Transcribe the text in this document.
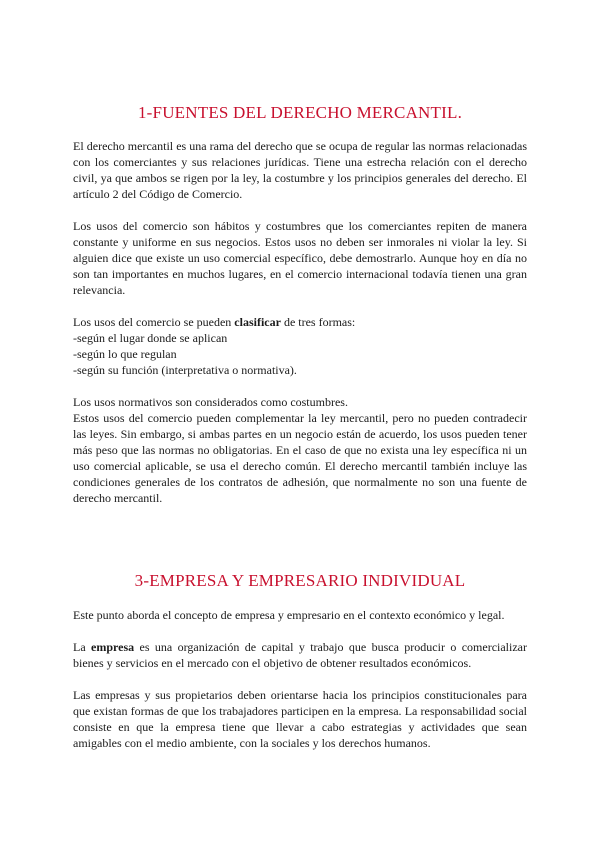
1-FUENTES DEL DERECHO MERCANTIL.

El derecho mercantil es una rama del derecho que se ocupa de regular las normas relacionadas con los comerciantes y sus relaciones jurídicas. Tiene una estrecha relación con el derecho civil, ya que ambos se rigen por la ley, la costumbre y los principios generales del derecho. El artículo 2 del Código de Comercio.

Los usos del comercio son hábitos y costumbres que los comerciantes repiten de manera constante y uniforme en sus negocios. Estos usos no deben ser inmorales ni violar la ley. Si alguien dice que existe un uso comercial específico, debe demostrarlo. Aunque hoy en día no son tan importantes en muchos lugares, en el comercio internacional todavía tienen una gran relevancia.

Los usos del comercio se pueden clasificar de tres formas:
-según el lugar donde se aplican
-según lo que regulan
-según su función (interpretativa o normativa).
Los usos normativos son considerados como costumbres.

Estos usos del comercio pueden complementar la ley mercantil, pero no pueden contradecir las leyes. Sin embargo, si ambas partes en un negocio están de acuerdo, los usos pueden tener más peso que las normas no obligatorias. En el caso de que no exista una ley específica ni un uso comercial aplicable, se usa el derecho común. El derecho mercantil también incluye las condiciones generales de los contratos de adhesión, que normalmente no son una fuente de derecho mercantil.

3-EMPRESA Y EMPRESARIO INDIVIDUAL

Este punto aborda el concepto de empresa y empresario en el contexto económico y legal.

La empresa es una organización de capital y trabajo que busca producir o comercializar bienes y servicios en el mercado con el objetivo de obtener resultados económicos.

Las empresas y sus propietarios deben orientarse hacia los principios constitucionales para que existan formas de que los trabajadores participen en la empresa. La responsabilidad social consiste en que la empresa tiene que llevar a cabo estrategias y actividades que sean amigables con el medio ambiente, con la sociales y los derechos humanos.
